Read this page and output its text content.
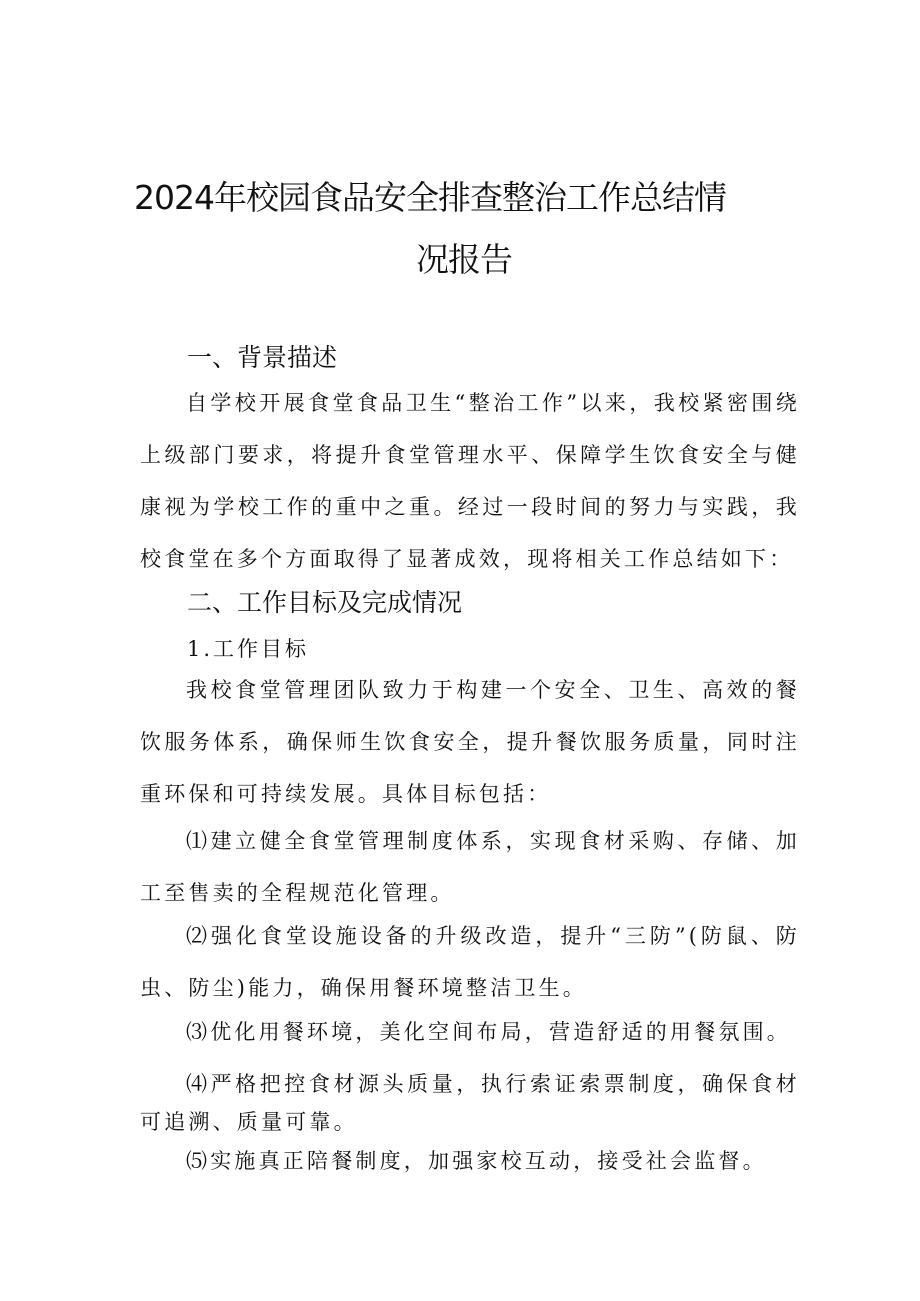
2024年校园食品安全排查整治工作总结情
况报告
一、背景描述

自学校开展食堂食品卫生“整治工作”以来，我校紧密围绕上级部门要求，将提升食堂管理水平、保障学生饮食安全与健康视为学校工作的重中之重。经过一段时间的努力与实践，我校食堂在多个方面取得了显著成效，现将相关工作总结如下：

二、工作目标及完成情况

1.工作目标

我校食堂管理团队致力于构建一个安全、卫生、高效的餐饮服务体系，确保师生饮食安全，提升餐饮服务质量，同时注重环保和可持续发展。具体目标包括：

⑴建立健全食堂管理制度体系，实现食材采购、存储、加工至售卖的全程规范化管理。

⑵强化食堂设施设备的升级改造，提升“三防”(防鼠、防虫、防尘)能力，确保用餐环境整洁卫生。

⑶优化用餐环境，美化空间布局，营造舒适的用餐氛围。

⑷严格把控食材源头质量，执行索证索票制度，确保食材可追溯、质量可靠。

⑸实施真正陪餐制度，加强家校互动，接受社会监督。
